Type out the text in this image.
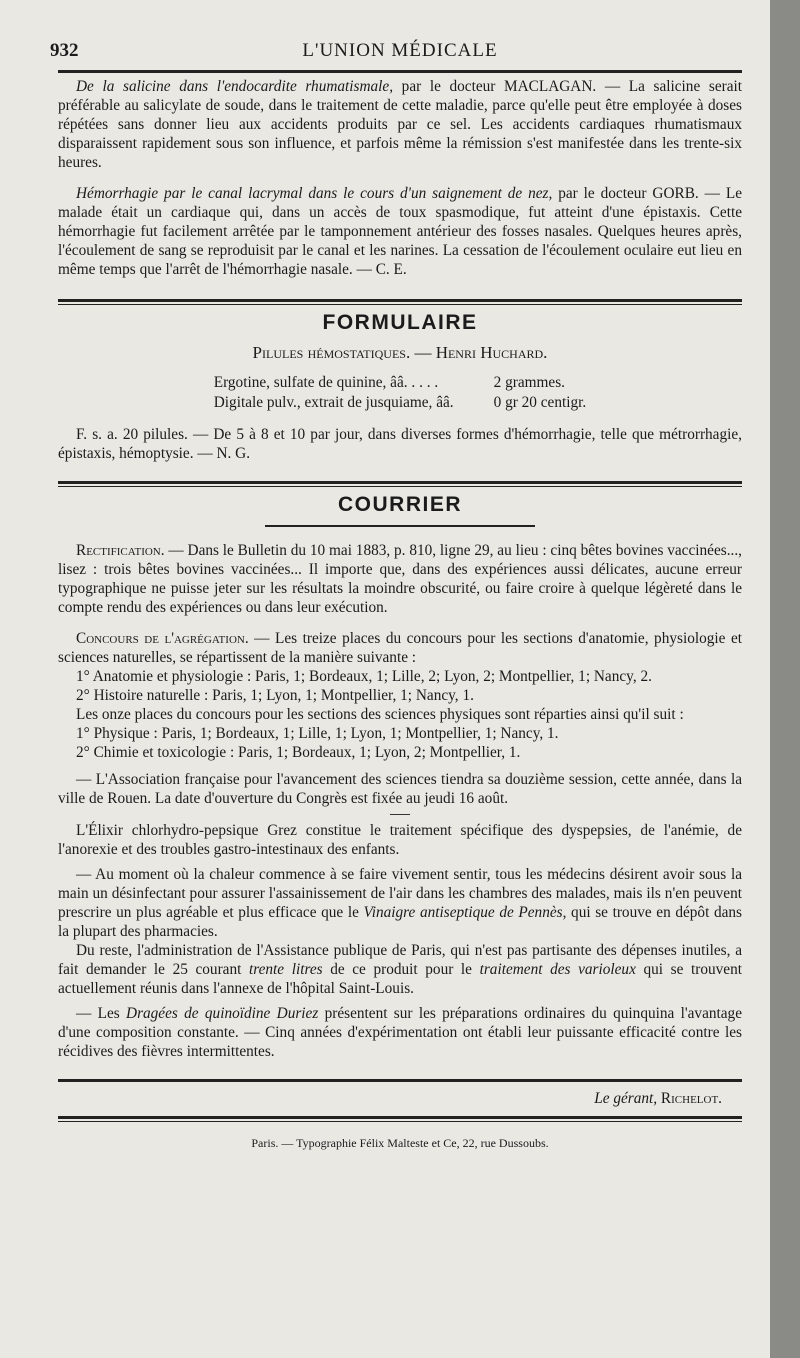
932	L'UNION MÉDICALE

De la salicine dans l'endocardite rhumatismale, par le docteur MACLAGAN. — La salicine serait préférable au salicylate de soude, dans le traitement de cette maladie, parce qu'elle peut être employée à doses répétées sans donner lieu aux accidents produits par ce sel. Les accidents cardiaques rhumatismaux disparaissent rapidement sous son influence, et parfois même la rémission s'est manifestée dans les trente-six heures.

Hémorrhagie par le canal lacrymal dans le cours d'un saignement de nez, par le docteur GORB. — Le malade était un cardiaque qui, dans un accès de toux spasmodique, fut atteint d'une épistaxis. Cette hémorrhagie fut facilement arrêtée par le tamponnement antérieur des fosses nasales. Quelques heures après, l'écoulement de sang se reproduisit par le canal et les narines. La cessation de l'écoulement oculaire eut lieu en même temps que l'arrêt de l'hémorrhagie nasale. — C. E.

FORMULAIRE
Pilules hémostatiques. — Henri Huchard.
Ergotine, sulfate de quinine, ââ. . . . .	2 grammes.
Digitale pulv., extrait de jusquiame, ââ.	0 gr 20 centigr.

F. s. a. 20 pilules. — De 5 à 8 et 10 par jour, dans diverses formes d'hémorrhagie, telle que métrorrhagie, épistaxis, hémoptysie. — N. G.

COURRIER

Rectification. — Dans le Bulletin du 10 mai 1883, p. 810, ligne 29, au lieu : cinq bêtes bovines vaccinées..., lisez : trois bêtes bovines vaccinées... Il importe que, dans des expériences aussi délicates, aucune erreur typographique ne puisse jeter sur les résultats la moindre obscurité, ou faire croire à quelque légèreté dans le compte rendu des expériences ou dans leur exécution.

Concours de l'agrégation. — Les treize places du concours pour les sections d'anatomie, physiologie et sciences naturelles, se répartissent de la manière suivante :

1° Anatomie et physiologie : Paris, 1; Bordeaux, 1; Lille, 2; Lyon, 2; Montpellier, 1; Nancy, 2.

2° Histoire naturelle : Paris, 1; Lyon, 1; Montpellier, 1; Nancy, 1.

Les onze places du concours pour les sections des sciences physiques sont réparties ainsi qu'il suit :

1° Physique : Paris, 1; Bordeaux, 1; Lille, 1; Lyon, 1; Montpellier, 1; Nancy, 1.

2° Chimie et toxicologie : Paris, 1; Bordeaux, 1; Lyon, 2; Montpellier, 1.

— L'Association française pour l'avancement des sciences tiendra sa douzième session, cette année, dans la ville de Rouen. La date d'ouverture du Congrès est fixée au jeudi 16 août.

L'Élixir chlorhydro-pepsique Grez constitue le traitement spécifique des dyspepsies, de l'anémie, de l'anorexie et des troubles gastro-intestinaux des enfants.

— Au moment où la chaleur commence à se faire vivement sentir, tous les médecins désirent avoir sous la main un désinfectant pour assurer l'assainissement de l'air dans les chambres des malades, mais ils n'en peuvent prescrire un plus agréable et plus efficace que le Vinaigre antiseptique de Pennès, qui se trouve en dépôt dans la plupart des pharmacies.

Du reste, l'administration de l'Assistance publique de Paris, qui n'est pas partisante des dépenses inutiles, a fait demander le 25 courant trente litres de ce produit pour le traitement des varioleux qui se trouvent actuellement réunis dans l'annexe de l'hôpital Saint-Louis.

— Les Dragées de quinoïdine Duriez présentent sur les préparations ordinaires du quinquina l'avantage d'une composition constante. — Cinq années d'expérimentation ont établi leur puissante efficacité contre les récidives des fièvres intermittentes.

Le gérant, Richelot.
Paris. — Typographie Félix Malteste et Ce, 22, rue Dussoubs.
